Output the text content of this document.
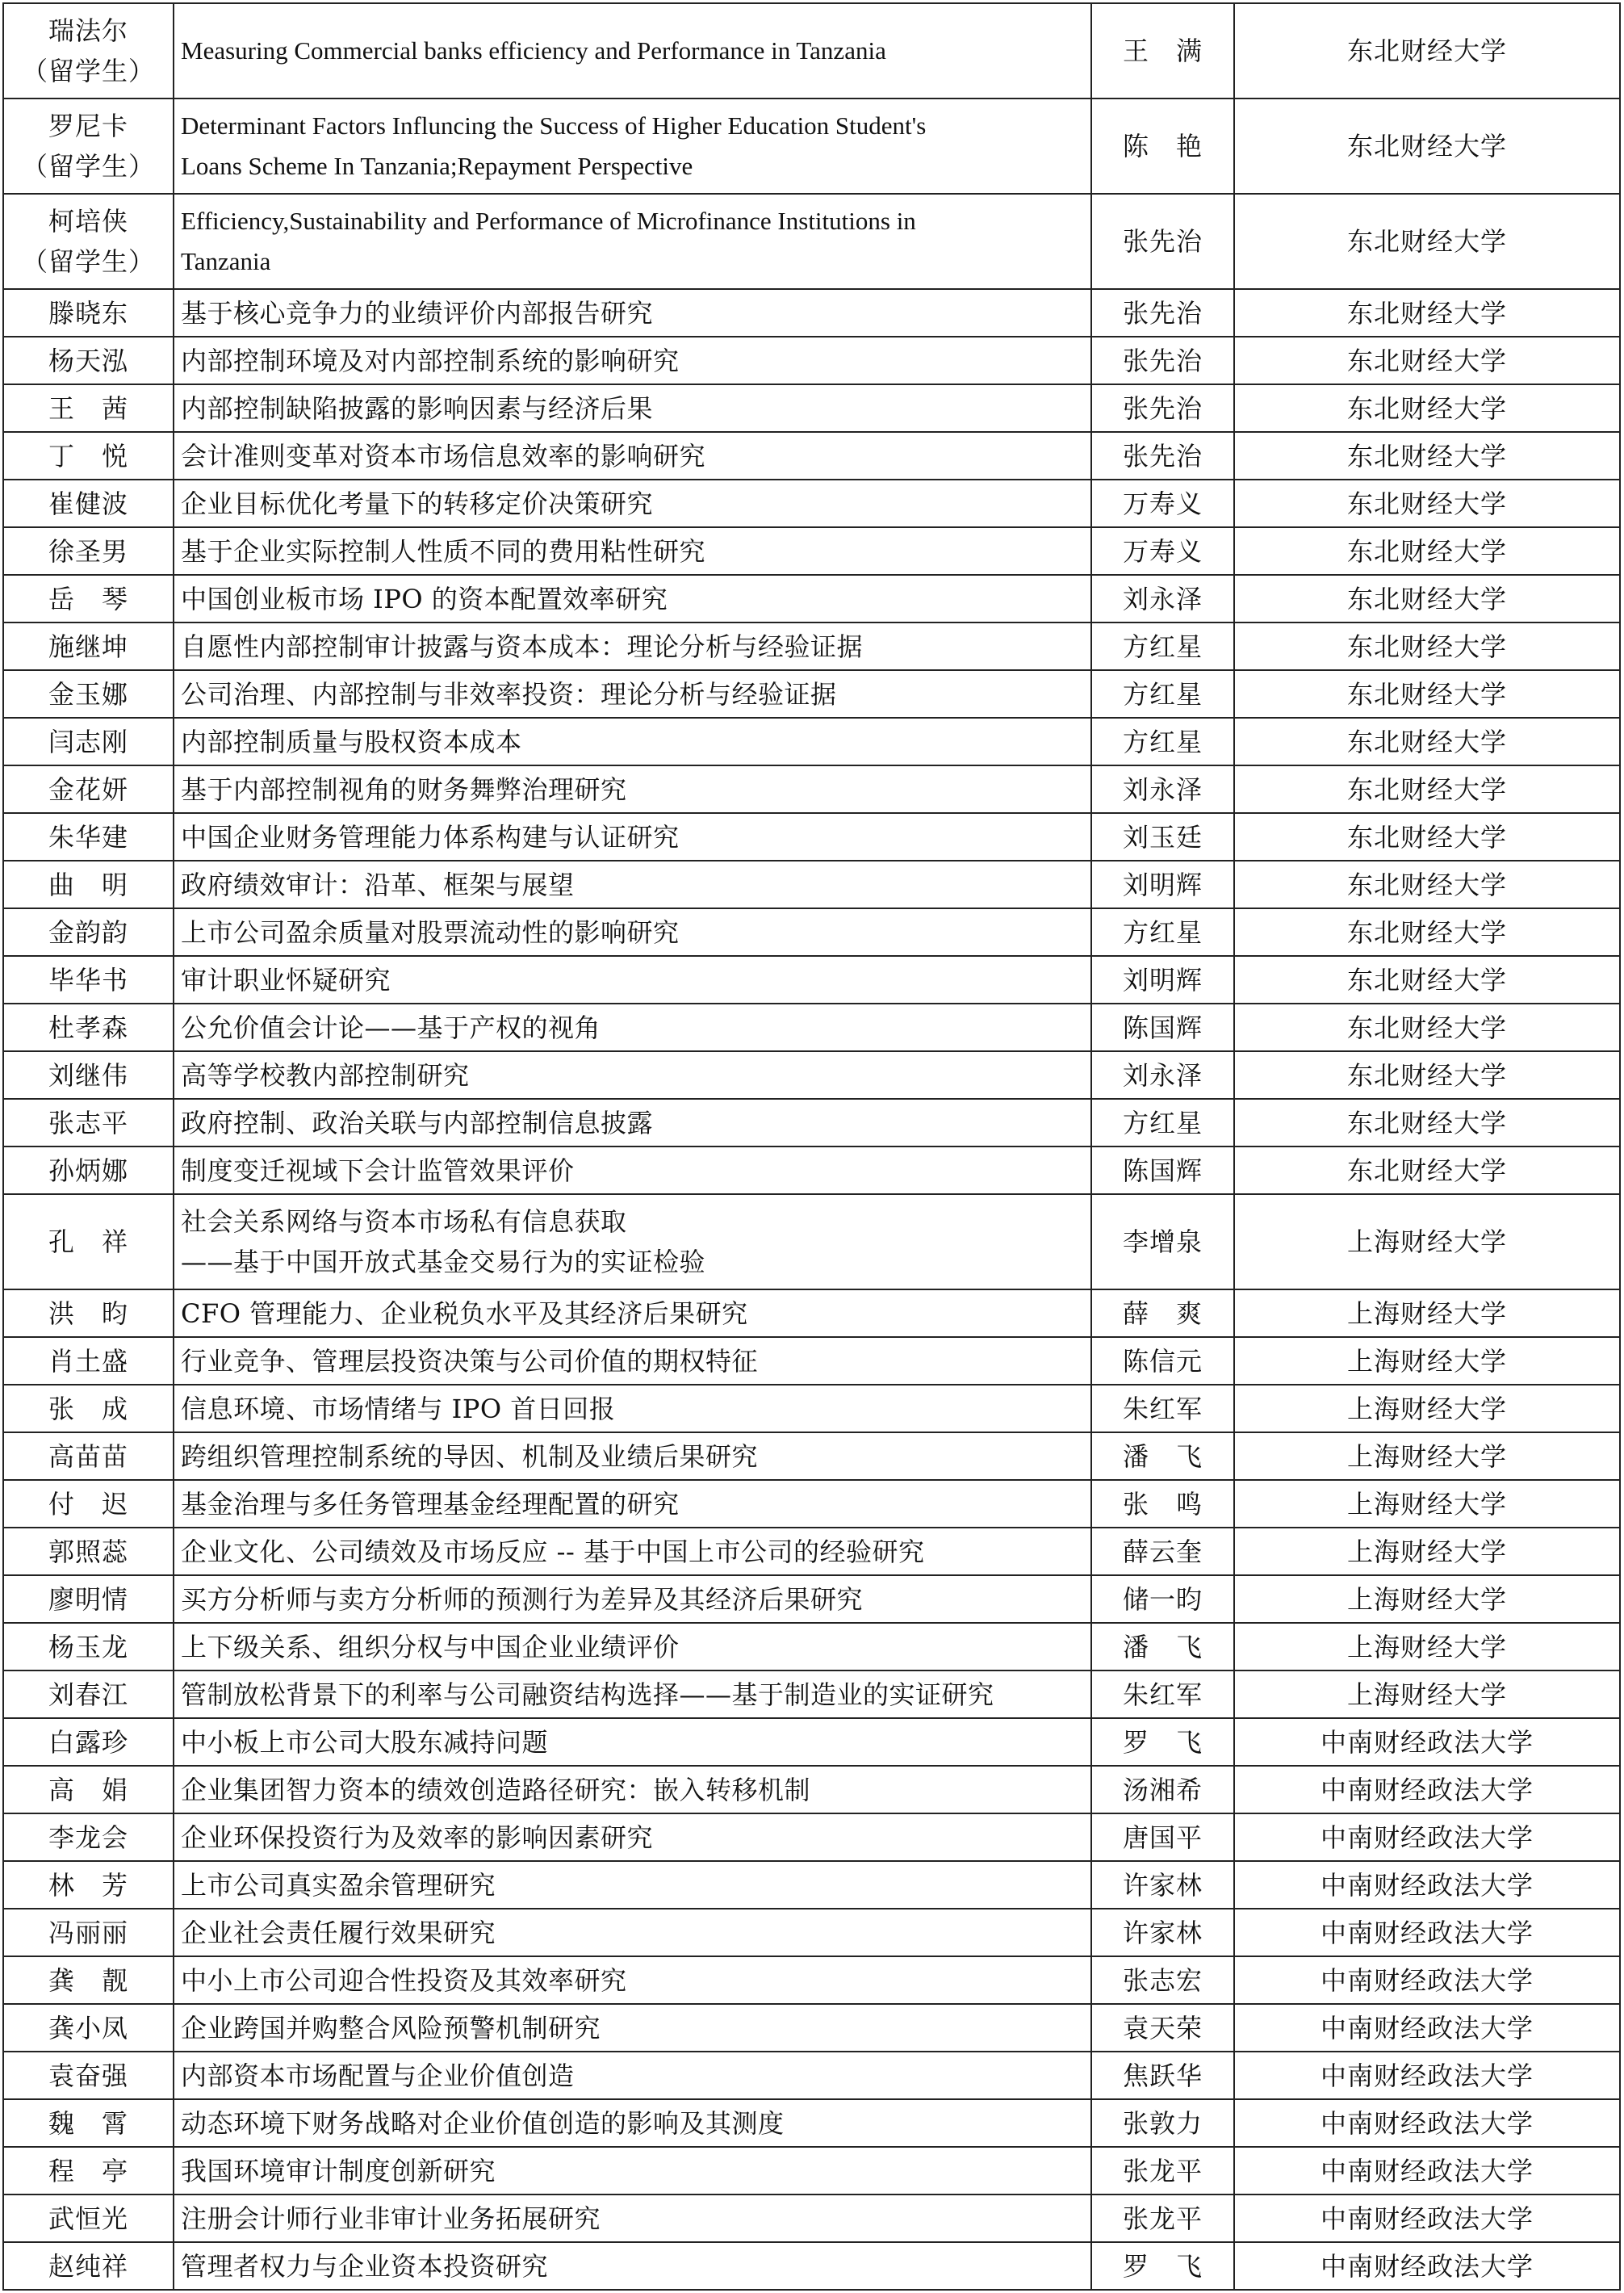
瑞法尔
（留学生）	Measuring Commercial banks efficiency and Performance in Tanzania	王　满	东北财经大学

罗尼卡
（留学生）	Determinant Factors Influncing the Success of Higher Education Student's
Loans Scheme In Tanzania;Repayment Perspective	陈　艳	东北财经大学

柯培侠
（留学生）	Efficiency,Sustainability and Performance of Microfinance Institutions in
Tanzania	张先治	东北财经大学

滕晓东	基于核心竞争力的业绩评价内部报告研究	张先治	东北财经大学

杨天泓	内部控制环境及对内部控制系统的影响研究	张先治	东北财经大学

王　茜	内部控制缺陷披露的影响因素与经济后果	张先治	东北财经大学

丁　悦	会计准则变革对资本市场信息效率的影响研究	张先治	东北财经大学

崔健波	企业目标优化考量下的转移定价决策研究	万寿义	东北财经大学

徐圣男	基于企业实际控制人性质不同的费用粘性研究	万寿义	东北财经大学

岳　琴	中国创业板市场 IPO 的资本配置效率研究	刘永泽	东北财经大学

施继坤	自愿性内部控制审计披露与资本成本：理论分析与经验证据	方红星	东北财经大学

金玉娜	公司治理、内部控制与非效率投资：理论分析与经验证据	方红星	东北财经大学

闫志刚	内部控制质量与股权资本成本	方红星	东北财经大学

金花妍	基于内部控制视角的财务舞弊治理研究	刘永泽	东北财经大学

朱华建	中国企业财务管理能力体系构建与认证研究	刘玉廷	东北财经大学

曲　明	政府绩效审计：沿革、框架与展望	刘明辉	东北财经大学

金韵韵	上市公司盈余质量对股票流动性的影响研究	方红星	东北财经大学

毕华书	审计职业怀疑研究	刘明辉	东北财经大学

杜孝森	公允价值会计论——基于产权的视角	陈国辉	东北财经大学

刘继伟	高等学校教内部控制研究	刘永泽	东北财经大学

张志平	政府控制、政治关联与内部控制信息披露	方红星	东北财经大学

孙炳娜	制度变迁视域下会计监管效果评价	陈国辉	东北财经大学

孔　祥	社会关系网络与资本市场私有信息获取
——基于中国开放式基金交易行为的实证检验	李增泉	上海财经大学

洪　昀	CFO 管理能力、企业税负水平及其经济后果研究	薛　爽	上海财经大学

肖土盛	行业竞争、管理层投资决策与公司价值的期权特征	陈信元	上海财经大学

张　成	信息环境、市场情绪与 IPO 首日回报	朱红军	上海财经大学

高苗苗	跨组织管理控制系统的导因、机制及业绩后果研究	潘　飞	上海财经大学

付　迟	基金治理与多任务管理基金经理配置的研究	张　鸣	上海财经大学

郭照蕊	企业文化、公司绩效及市场反应 -- 基于中国上市公司的经验研究	薛云奎	上海财经大学

廖明情	买方分析师与卖方分析师的预测行为差异及其经济后果研究	储一昀	上海财经大学

杨玉龙	上下级关系、组织分权与中国企业业绩评价	潘　飞	上海财经大学

刘春江	管制放松背景下的利率与公司融资结构选择——基于制造业的实证研究	朱红军	上海财经大学

白露珍	中小板上市公司大股东减持问题	罗　飞	中南财经政法大学

高　娟	企业集团智力资本的绩效创造路径研究：嵌入转移机制	汤湘希	中南财经政法大学

李龙会	企业环保投资行为及效率的影响因素研究	唐国平	中南财经政法大学

林　芳	上市公司真实盈余管理研究	许家林	中南财经政法大学

冯丽丽	企业社会责任履行效果研究	许家林	中南财经政法大学

龚　靓	中小上市公司迎合性投资及其效率研究	张志宏	中南财经政法大学

龚小凤	企业跨国并购整合风险预警机制研究	袁天荣	中南财经政法大学

袁奋强	内部资本市场配置与企业价值创造	焦跃华	中南财经政法大学

魏　霄	动态环境下财务战略对企业价值创造的影响及其测度	张敦力	中南财经政法大学

程　亭	我国环境审计制度创新研究	张龙平	中南财经政法大学

武恒光	注册会计师行业非审计业务拓展研究	张龙平	中南财经政法大学

赵纯祥	管理者权力与企业资本投资研究	罗　飞	中南财经政法大学
